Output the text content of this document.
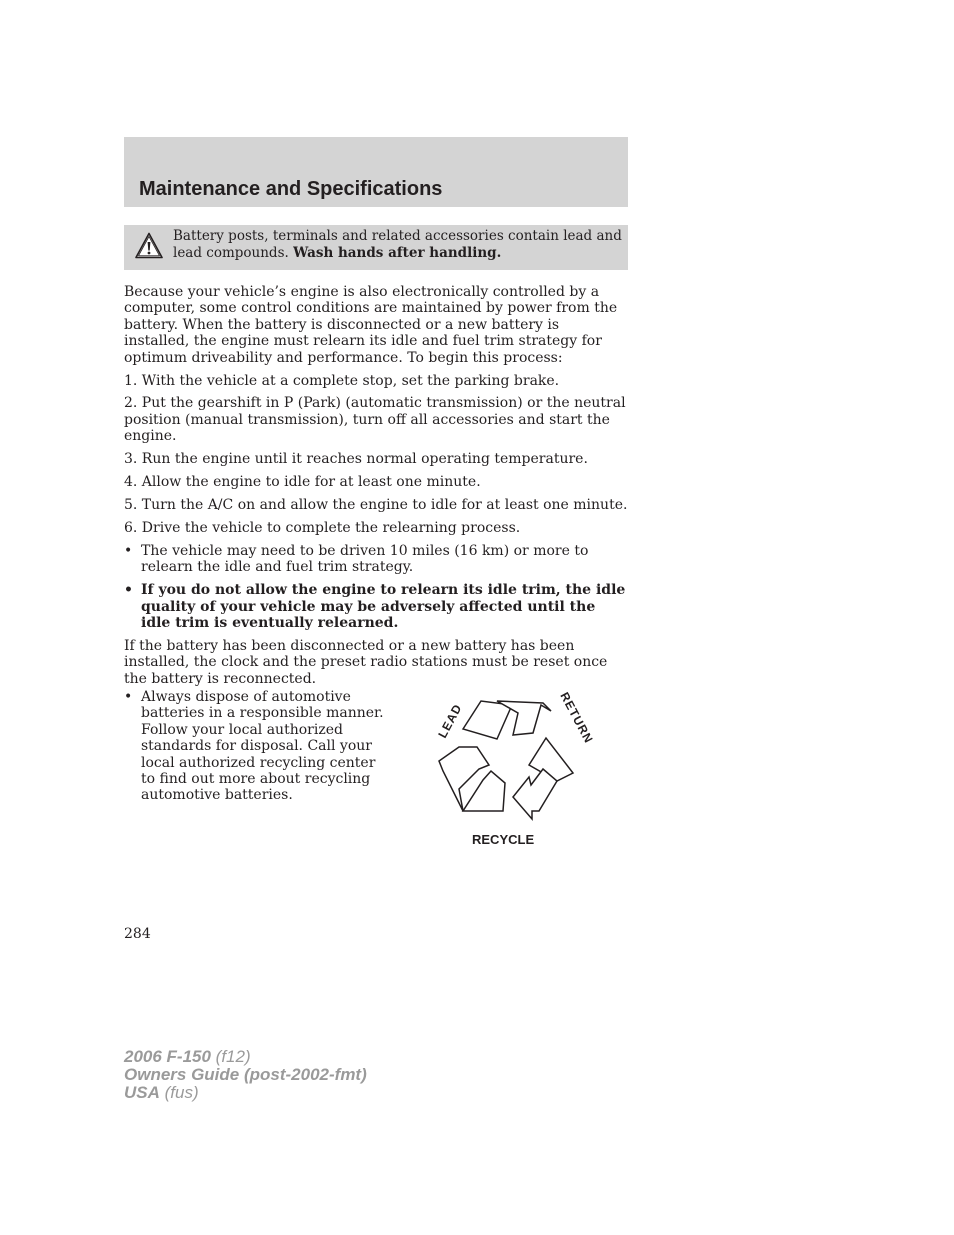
Maintenance and Specifications
Battery posts, terminals and related accessories contain lead and lead compounds. Wash hands after handling.

Because your vehicle’s engine is also electronically controlled by a computer, some control conditions are maintained by power from the battery. When the battery is disconnected or a new battery is installed, the engine must relearn its idle and fuel trim strategy for optimum driveability and performance. To begin this process:

1. With the vehicle at a complete stop, set the parking brake.

2. Put the gearshift in P (Park) (automatic transmission) or the neutral position (manual transmission), turn off all accessories and start the engine.

3. Run the engine until it reaches normal operating temperature.

4. Allow the engine to idle for at least one minute.

5. Turn the A/C on and allow the engine to idle for at least one minute.

6. Drive the vehicle to complete the relearning process.

• The vehicle may need to be driven 10 miles (16 km) or more to relearn the idle and fuel trim strategy.
• If you do not allow the engine to relearn its idle trim, the idle quality of your vehicle may be adversely affected until the idle trim is eventually relearned.

If the battery has been disconnected or a new battery has been installed, the clock and the preset radio stations must be reset once the battery is reconnected.

• Always dispose of automotive batteries in a responsible manner. Follow your local authorized standards for disposal. Call your local authorized recycling center to find out more about recycling automotive batteries.
LEAD	RETURN
RECYCLE
284
2006 F-150 (f12)
Owners Guide (post-2002-fmt)
USA (fus)
